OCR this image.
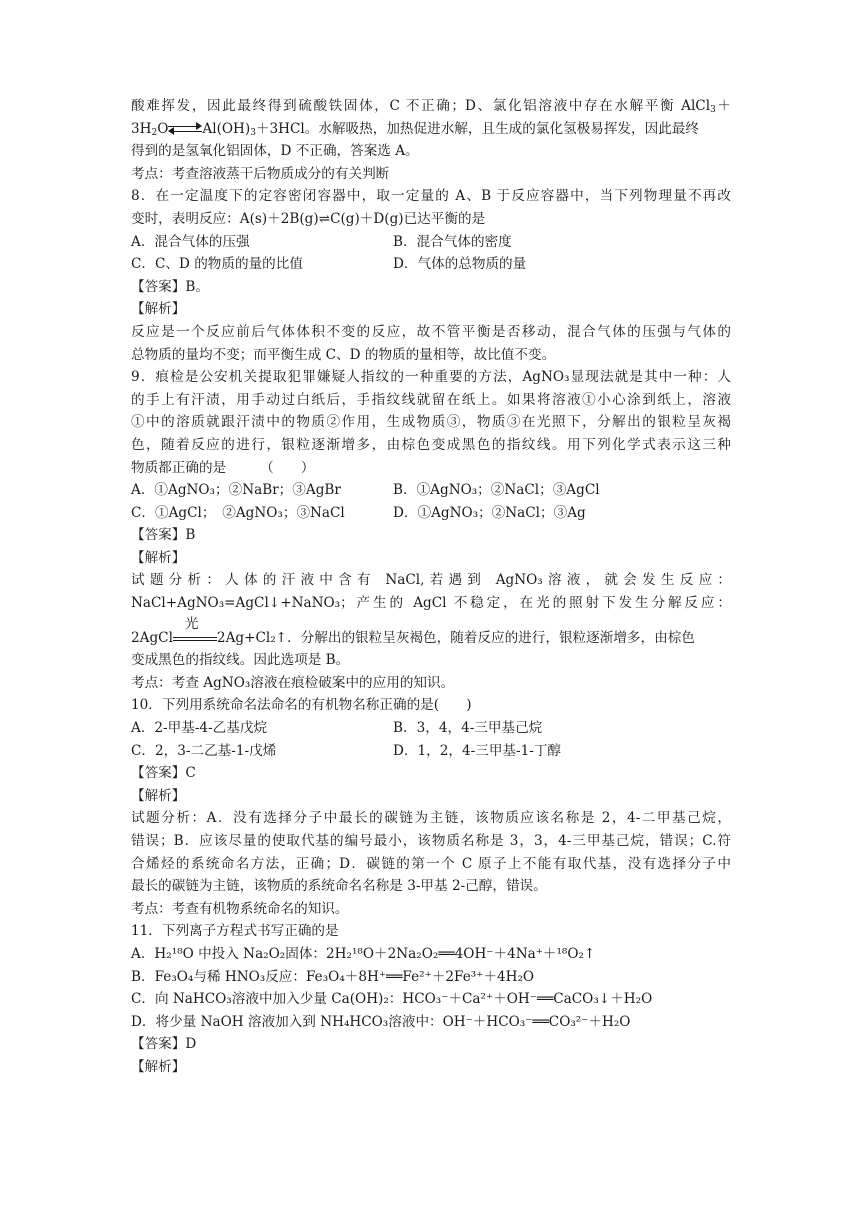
酸难挥发，因此最终得到硫酸铁固体，C 不正确；D、氯化铝溶液中存在水解平衡 AlCl$_3$＋
$3H_2O$	$Al(OH)_3+3HCl$。水解吸热，加热促进水解，且生成的氯化氢极易挥发，因此最终
得到的是氢氧化铝固体，D 不正确，答案选 A。
考点：考查溶液蒸干后物质成分的有关判断
8．在一定温度下的定容密闭容器中，取一定量的 A、B 于反应容器中，当下列物理量不再改
变时，表明反应：A(s)＋2B(g)⇌C(g)＋D(g)已达平衡的是
A．混合气体的压强	B．混合气体的密度
C．C、D 的物质的量的比值	D．气体的总物质的量
【答案】B。
【解析】
反应是一个反应前后气体体积不变的反应，故不管平衡是否移动，混合气体的压强与气体的
总物质的量均不变；而平衡生成 C、D 的物质的量相等，故比值不变。
9．痕检是公安机关提取犯罪嫌疑人指纹的一种重要的方法，AgNO₃显现法就是其中一种：人
的手上有汗渍，用手动过白纸后，手指纹线就留在纸上。如果将溶液①小心涂到纸上，溶液
①中的溶质就跟汗渍中的物质②作用，生成物质③，物质③在光照下，分解出的银粒呈灰褐
色，随着反应的进行，银粒逐渐增多，由棕色变成黑色的指纹线。用下列化学式表示这三种
物质都正确的是　　　（　　）
A．①AgNO₃；②NaBr；③AgBr	B．①AgNO₃；②NaCl；③AgCl
C．①AgCl；　②AgNO₃；③NaCl	D．①AgNO₃；②NaCl；③Ag
【答案】B
【解析】
试题分析：人体的汗液中含有 NaCl,若遇到 AgNO₃溶液，就会发生反应：
NaCl+AgNO₃=AgCl↓+NaNO₃；产生的 AgCl 不稳定，在光的照射下发生分解反应：
2AgCl
光
2Ag+Cl₂↑．分解出的银粒呈灰褐色，随着反应的进行，银粒逐渐增多，由棕色
变成黑色的指纹线。因此选项是 B。
考点：考查 AgNO₃溶液在痕检破案中的应用的知识。
10．下列用系统命名法命名的有机物名称正确的是(　　)
A．2-甲基-4-乙基戊烷	B．3，4，4-三甲基己烷
C．2，3-二乙基-1-戊烯	D．1，2，4-三甲基-1-丁醇
【答案】C
【解析】
试题分析：A．没有选择分子中最长的碳链为主链，该物质应该名称是 2，4-二甲基己烷，
错误；B．应该尽量的使取代基的编号最小，该物质名称是 3，3，4-三甲基己烷，错误；C.符
合烯烃的系统命名方法，正确；D．碳链的第一个 C 原子上不能有取代基，没有选择分子中
最长的碳链为主链，该物质的系统命名名称是 3-甲基 2-己醇，错误。
考点：考查有机物系统命名的知识。
11．下列离子方程式书写正确的是
A．H₂¹⁸O 中投入 Na₂O₂固体：2H₂¹⁸O＋2Na₂O₂══4OH⁻＋4Na⁺＋¹⁸O₂↑
B．Fe₃O₄与稀 HNO₃反应：Fe₃O₄＋8H⁺══Fe²⁺＋2Fe³⁺＋4H₂O
C．向 NaHCO₃溶液中加入少量 Ca(OH)₂：HCO₃⁻＋Ca²⁺＋OH⁻══CaCO₃↓＋H₂O
D．将少量 NaOH 溶液加入到 NH₄HCO₃溶液中：OH⁻＋HCO₃⁻══CO₃²⁻＋H₂O
【答案】D
【解析】
